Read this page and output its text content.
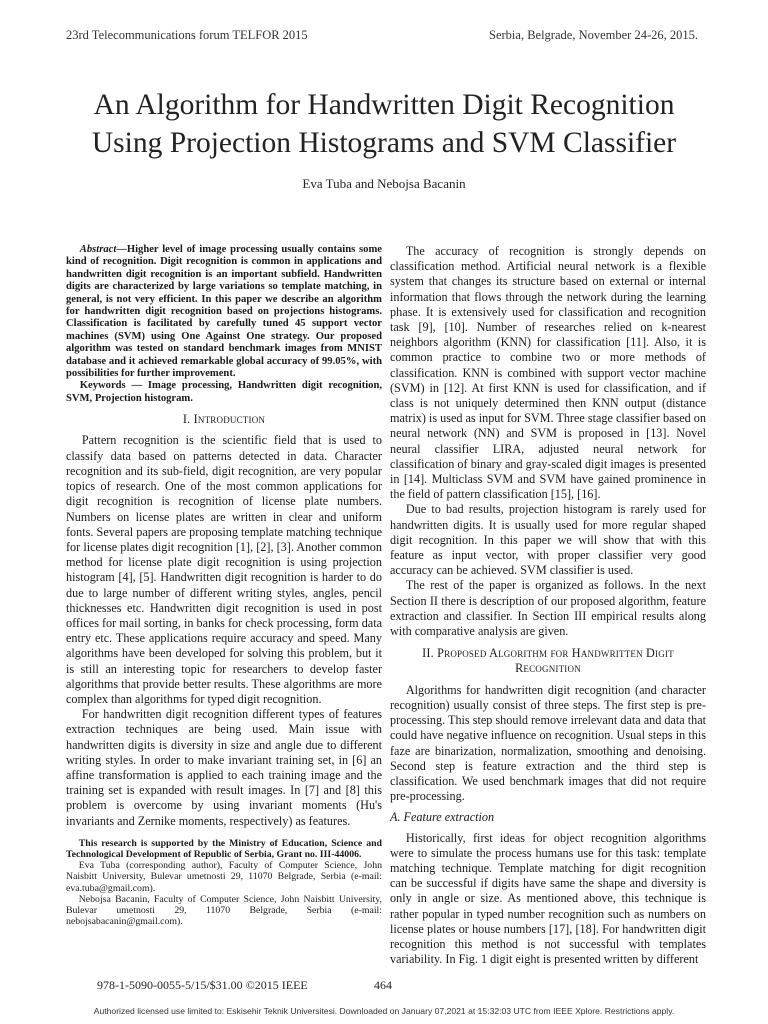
23rd Telecommunications forum TELFOR 2015	Serbia, Belgrade, November 24-26, 2015.
An Algorithm for Handwritten Digit Recognition
Using Projection Histograms and SVM Classifier
Eva Tuba and Nebojsa Bacanin
Abstract—Higher level of image processing usually contains some kind of recognition. Digit recognition is common in applications and handwritten digit recognition is an important subfield. Handwritten digits are characterized by large variations so template matching, in general, is not very efficient. In this paper we describe an algorithm for handwritten digit recognition based on projections histograms. Classification is facilitated by carefully tuned 45 support vector machines (SVM) using One Against One strategy. Our proposed algorithm was tested on standard benchmark images from MNIST database and it achieved remarkable global accuracy of 99.05%, with possibilities for further improvement.
Keywords — Image processing, Handwritten digit recognition, SVM, Projection histogram.
I. Introduction

Pattern recognition is the scientific field that is used to classify data based on patterns detected in data. Character recognition and its sub-field, digit recognition, are very popular topics of research. One of the most common applications for digit recognition is recognition of license plate numbers. Numbers on license plates are written in clear and uniform fonts. Several papers are proposing template matching technique for license plates digit recognition [1], [2], [3]. Another common method for license plate digit recognition is using projection histogram [4], [5]. Handwritten digit recognition is harder to do due to large number of different writing styles, angles, pencil thicknesses etc. Handwritten digit recognition is used in post offices for mail sorting, in banks for check processing, form data entry etc. These applications require accuracy and speed. Many algorithms have been developed for solving this problem, but it is still an interesting topic for researchers to develop faster algorithms that provide better results. These algorithms are more complex than algorithms for typed digit recognition.

For handwritten digit recognition different types of features extraction techniques are being used. Main issue with handwritten digits is diversity in size and angle due to different writing styles. In order to make invariant training set, in [6] an affine transformation is applied to each training image and the training set is expanded with result images. In [7] and [8] this problem is overcome by using invariant moments (Hu's invariants and Zernike moments, respectively) as features.

This research is supported by the Ministry of Education, Science and Technological Development of Republic of Serbia, Grant no. III-44006.
Eva Tuba (corresponding author), Faculty of Computer Science, John Naisbitt University, Bulevar umetnosti 29, 11070 Belgrade, Serbia (e-mail: eva.tuba@gmail.com).
Nebojsa Bacanin, Faculty of Computer Science, John Naisbitt University, Bulevar umetnosti 29, 11070 Belgrade, Serbia (e-mail: nebojsabacanin@gmail.com).

The accuracy of recognition is strongly depends on classification method. Artificial neural network is a flexible system that changes its structure based on external or internal information that flows through the network during the learning phase. It is extensively used for classification and recognition task [9], [10]. Number of researches relied on k-nearest neighbors algorithm (KNN) for classification [11]. Also, it is common practice to combine two or more methods of classification. KNN is combined with support vector machine (SVM) in [12]. At first KNN is used for classification, and if class is not uniquely determined then KNN output (distance matrix) is used as input for SVM. Three stage classifier based on neural network (NN) and SVM is proposed in [13]. Novel neural classifier LIRA, adjusted neural network for classification of binary and gray-scaled digit images is presented in [14]. Multiclass SVM and SVM have gained prominence in the field of pattern classification [15], [16].

Due to bad results, projection histogram is rarely used for handwritten digits. It is usually used for more regular shaped digit recognition. In this paper we will show that with this feature as input vector, with proper classifier very good accuracy can be achieved. SVM classifier is used.

The rest of the paper is organized as follows. In the next Section II there is description of our proposed algorithm, feature extraction and classifier. In Section III empirical results along with comparative analysis are given.

II. Proposed Algorithm for Handwritten Digit Recognition

Algorithms for handwritten digit recognition (and character recognition) usually consist of three steps. The first step is pre-processing. This step should remove irrelevant data and data that could have negative influence on recognition. Usual steps in this faze are binarization, normalization, smoothing and denoising. Second step is feature extraction and the third step is classification. We used benchmark images that did not require pre-processing.

A. Feature extraction

Historically, first ideas for object recognition algorithms were to simulate the process humans use for this task: template matching technique. Template matching for digit recognition can be successful if digits have same the shape and diversity is only in angle or size. As mentioned above, this technique is rather popular in typed number recognition such as numbers on license plates or house numbers [17], [18]. For handwritten digit recognition this method is not successful with templates variability. In Fig. 1 digit eight is presented written by different

978-1-5090-0055-5/15/$31.00 ©2015 IEEE	464
Authorized licensed use limited to: Eskisehir Teknik Universitesi. Downloaded on January 07,2021 at 15:32:03 UTC from IEEE Xplore. Restrictions apply.
